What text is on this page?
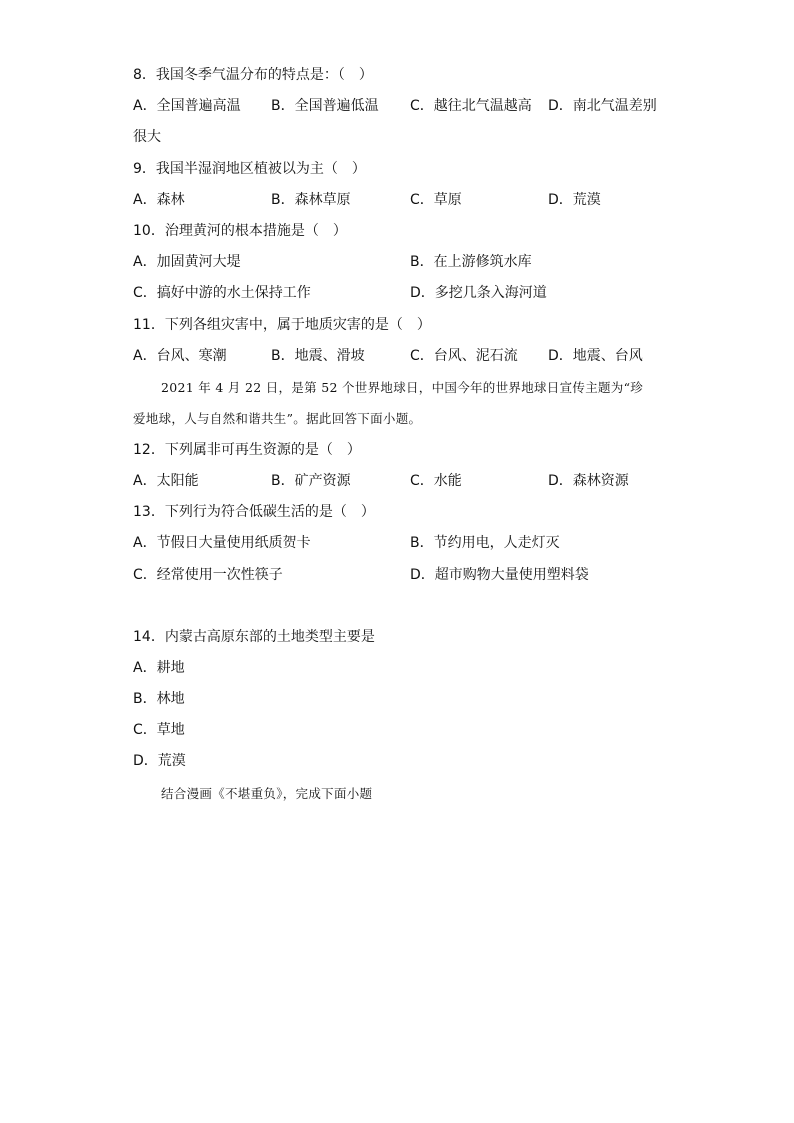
8．我国冬季气温分布的特点是：（　）
A．全国普遍高温 B．全国普遍低温 C．越往北气温越高 D．南北气温差别
很大
9．我国半湿润地区植被以为主（　）
A．森林	B．森林草原	C．草原	D．荒漠
10．治理黄河的根本措施是（　）
A．加固黄河大堤	B．在上游修筑水库
C．搞好中游的水土保持工作	D．多挖几条入海河道
11．下列各组灾害中，属于地质灾害的是（　）
A．台风、寒潮	B．地震、滑坡	C．台风、泥石流 D．地震、台风
2021 年 4 月 22 日，是第 52 个世界地球日，中国今年的世界地球日宣传主题为“珍
爱地球，人与自然和谐共生”。据此回答下面小题。
12．下列属非可再生资源的是（　）
A．太阳能	B．矿产资源	C．水能	D．森林资源
13．下列行为符合低碳生活的是（　）
A．节假日大量使用纸质贺卡	B．节约用电，人走灯灭
C．经常使用一次性筷子	D．超市购物大量使用塑料袋
14．内蒙古高原东部的土地类型主要是
A．耕地
B．林地
C．草地
D．荒漠
结合漫画《不堪重负》，完成下面小题
